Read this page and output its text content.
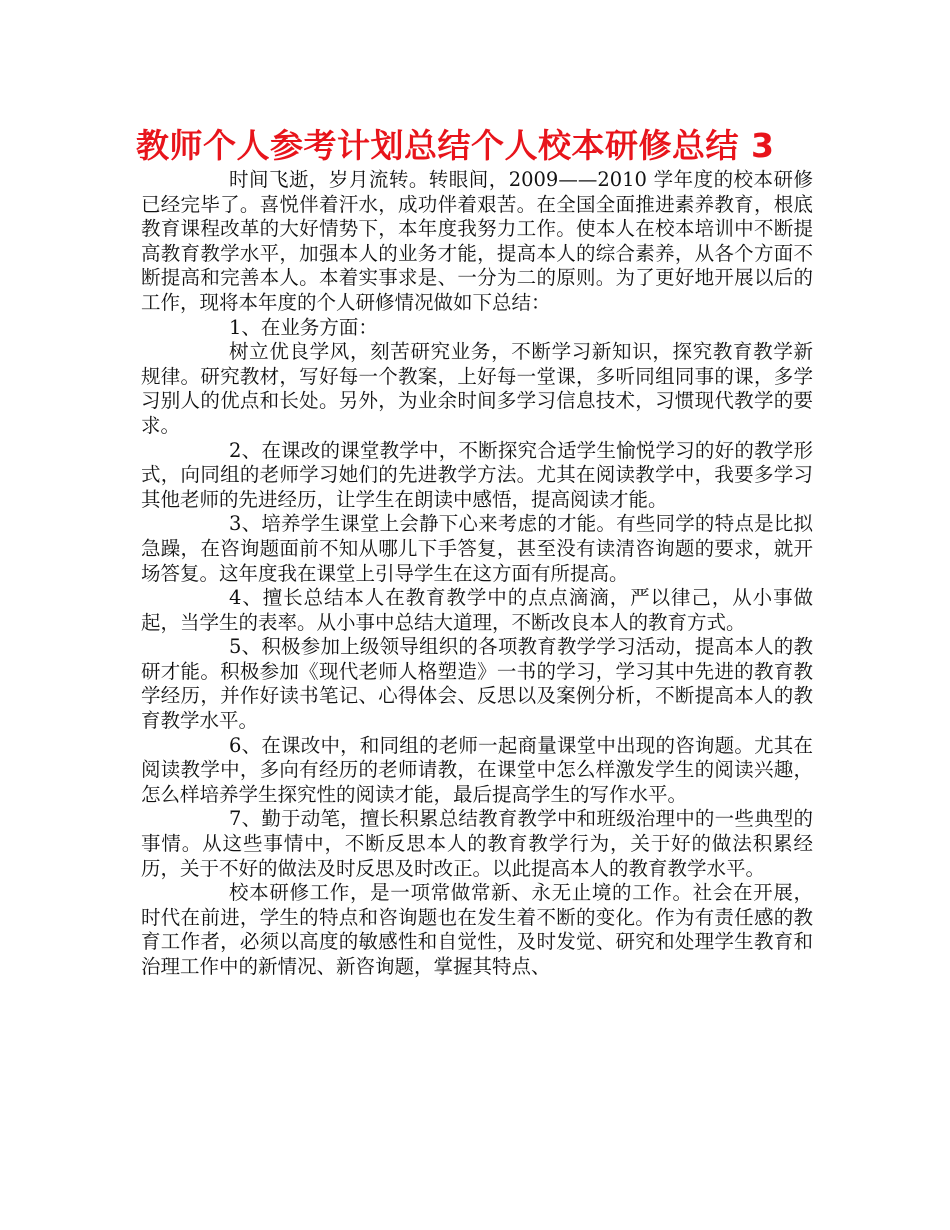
教师个人参考计划总结个人校本研修总结 3

时间飞逝，岁月流转。转眼间，2009——2010 学年度的校本研修已经完毕了。喜悦伴着汗水，成功伴着艰苦。在全国全面推进素养教育，根底教育课程改革的大好情势下，本年度我努力工作。使本人在校本培训中不断提高教育教学水平，加强本人的业务才能，提高本人的综合素养，从各个方面不断提高和完善本人。本着实事求是、一分为二的原则。为了更好地开展以后的工作，现将本年度的个人研修情况做如下总结：

1、在业务方面：

树立优良学风，刻苦研究业务，不断学习新知识，探究教育教学新规律。研究教材，写好每一个教案，上好每一堂课，多听同组同事的课，多学习别人的优点和长处。另外，为业余时间多学习信息技术，习惯现代教学的要求。

2、在课改的课堂教学中，不断探究合适学生愉悦学习的好的教学形式，向同组的老师学习她们的先进教学方法。尤其在阅读教学中，我要多学习其他老师的先进经历，让学生在朗读中感悟，提高阅读才能。

3、培养学生课堂上会静下心来考虑的才能。有些同学的特点是比拟急躁，在咨询题面前不知从哪儿下手答复，甚至没有读清咨询题的要求，就开场答复。这年度我在课堂上引导学生在这方面有所提高。

4、擅长总结本人在教育教学中的点点滴滴，严以律己，从小事做起，当学生的表率。从小事中总结大道理，不断改良本人的教育方式。

5、积极参加上级领导组织的各项教育教学学习活动，提高本人的教研才能。积极参加《现代老师人格塑造》一书的学习，学习其中先进的教育教学经历，并作好读书笔记、心得体会、反思以及案例分析，不断提高本人的教育教学水平。

6、在课改中，和同组的老师一起商量课堂中出现的咨询题。尤其在阅读教学中，多向有经历的老师请教，在课堂中怎么样激发学生的阅读兴趣，怎么样培养学生探究性的阅读才能，最后提高学生的写作水平。

7、勤于动笔，擅长积累总结教育教学中和班级治理中的一些典型的事情。从这些事情中，不断反思本人的教育教学行为，关于好的做法积累经历，关于不好的做法及时反思及时改正。以此提高本人的教育教学水平。

校本研修工作，是一项常做常新、永无止境的工作。社会在开展，时代在前进，学生的特点和咨询题也在发生着不断的变化。作为有责任感的教育工作者，必须以高度的敏感性和自觉性，及时发觉、研究和处理学生教育和治理工作中的新情况、新咨询题，掌握其特点、
